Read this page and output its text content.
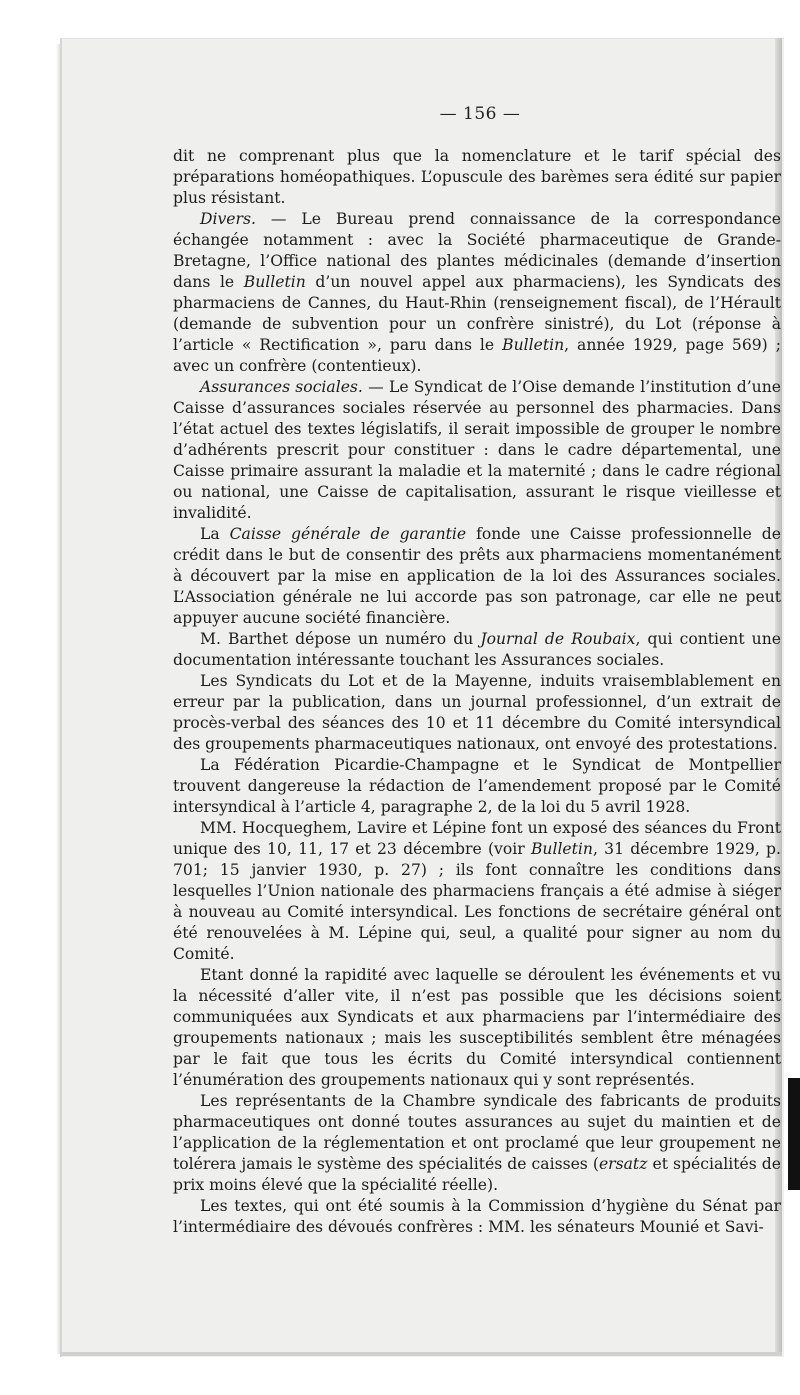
— 156 —

dit ne comprenant plus que la nomenclature et le tarif spécial des préparations homéopathiques. L’opuscule des barèmes sera édité sur papier plus résistant.

Divers. — Le Bureau prend connaissance de la correspondance échangée notamment : avec la Société pharmaceutique de Grande-Bretagne, l’Office national des plantes médicinales (demande d’insertion dans le Bulletin d’un nouvel appel aux pharmaciens), les Syndicats des pharmaciens de Cannes, du Haut-Rhin (renseignement fiscal), de l’Hérault (demande de subvention pour un confrère sinistré), du Lot (réponse à l’article « Rectification », paru dans le Bulletin, année 1929, page 569) ; avec un confrère (contentieux).

Assurances sociales. — Le Syndicat de l’Oise demande l’institution d’une Caisse d’assurances sociales réservée au personnel des pharmacies. Dans l’état actuel des textes législatifs, il serait impossible de grouper le nombre d’adhérents prescrit pour constituer : dans le cadre départemental, une Caisse primaire assurant la maladie et la maternité ; dans le cadre régional ou national, une Caisse de capitalisation, assurant le risque vieillesse et invalidité.

La Caisse générale de garantie fonde une Caisse professionnelle de crédit dans le but de consentir des prêts aux pharmaciens momentanément à découvert par la mise en application de la loi des Assurances sociales. L’Association générale ne lui accorde pas son patronage, car elle ne peut appuyer aucune société financière.

M. Barthet dépose un numéro du Journal de Roubaix, qui contient une documentation intéressante touchant les Assurances sociales.

Les Syndicats du Lot et de la Mayenne, induits vraisemblablement en erreur par la publication, dans un journal professionnel, d’un extrait de procès-verbal des séances des 10 et 11 décembre du Comité intersyndical des groupements pharmaceutiques nationaux, ont envoyé des protestations.

La Fédération Picardie-Champagne et le Syndicat de Montpellier trouvent dangereuse la rédaction de l’amendement proposé par le Comité intersyndical à l’article 4, paragraphe 2, de la loi du 5 avril 1928.

MM. Hocqueghem, Lavire et Lépine font un exposé des séances du Front unique des 10, 11, 17 et 23 décembre (voir Bulletin, 31 décembre 1929, p. 701; 15 janvier 1930, p. 27) ; ils font connaître les conditions dans lesquelles l’Union nationale des pharmaciens français a été admise à siéger à nouveau au Comité intersyndical. Les fonctions de secrétaire général ont été renouvelées à M. Lépine qui, seul, a qualité pour signer au nom du Comité.

Etant donné la rapidité avec laquelle se déroulent les événements et vu la nécessité d’aller vite, il n’est pas possible que les décisions soient communiquées aux Syndicats et aux pharmaciens par l’intermédiaire des groupements nationaux ; mais les susceptibilités semblent être ménagées par le fait que tous les écrits du Comité intersyndical contiennent l’énumération des groupements nationaux qui y sont représentés.

Les représentants de la Chambre syndicale des fabricants de produits pharmaceutiques ont donné toutes assurances au sujet du maintien et de l’application de la réglementation et ont proclamé que leur groupement ne tolérera jamais le système des spécialités de caisses (ersatz et spécialités de prix moins élevé que la spécialité réelle).

Les textes, qui ont été soumis à la Commission d’hygiène du Sénat par l’intermédiaire des dévoués confrères : MM. les sénateurs Mounié et Savi-
